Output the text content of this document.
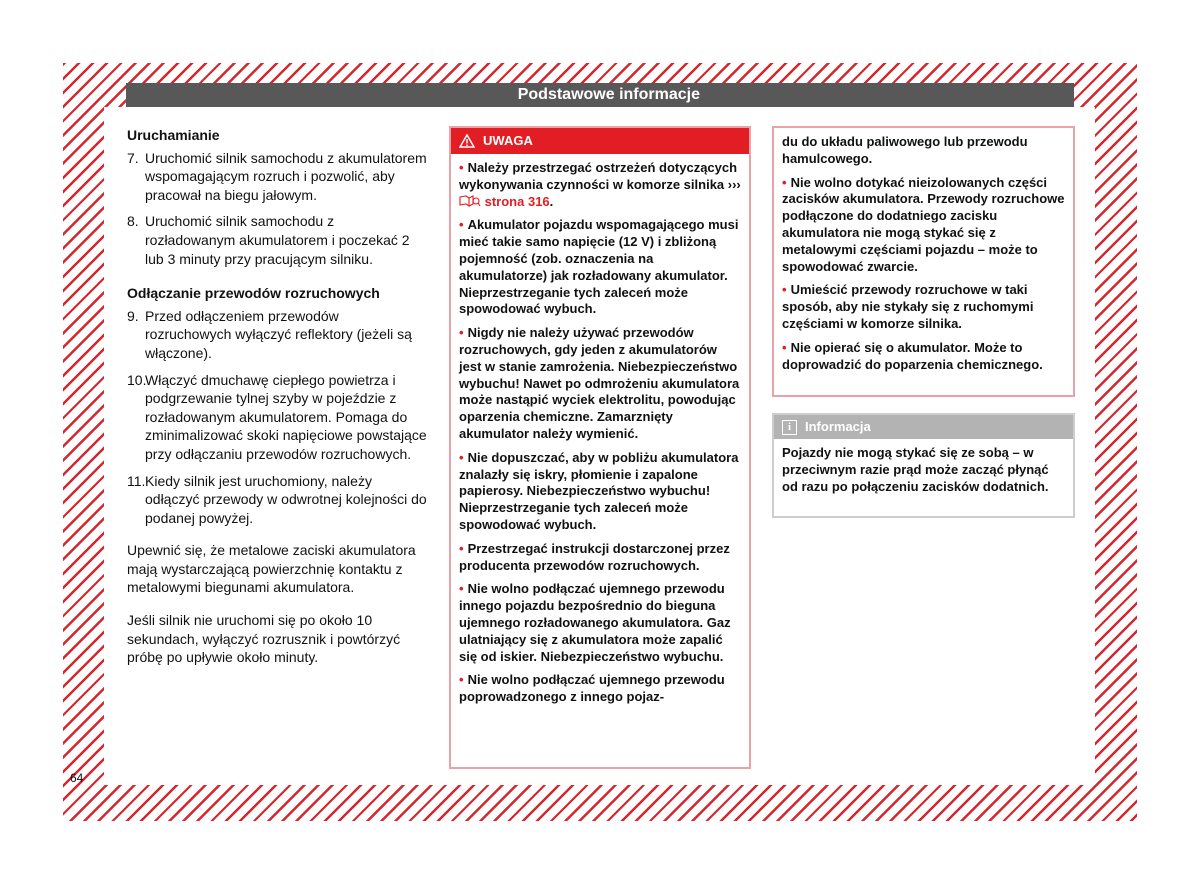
Podstawowe informacje
Uruchamianie
7. Uruchomić silnik samochodu z akumulatorem wspomagającym rozruch i pozwolić, aby pracował na biegu jałowym.
8. Uruchomić silnik samochodu z rozładowanym akumulatorem i poczekać 2 lub 3 minuty przy pracującym silniku.
Odłączanie przewodów rozruchowych
9. Przed odłączeniem przewodów rozruchowych wyłączyć reflektory (jeżeli są włączone).
10.
Włączyć dmuchawę ciepłego powietrza i podgrzewanie tylnej szyby w pojeździe z rozładowanym akumulatorem. Pomaga do zminimalizować skoki napięciowe powstające przy odłączaniu przewodów rozruchowych.
11. Kiedy silnik jest uruchomiony, należy odłączyć przewody w odwrotnej kolejności do podanej powyżej.

Upewnić się, że metalowe zaciski akumulatora mają wystarczającą powierzchnię kontaktu z metalowymi biegunami akumulatora.

Jeśli silnik nie uruchomi się po około 10 sekundach, wyłączyć rozrusznik i powtórzyć próbę po upływie około minuty.

UWAGA
• Należy przestrzegać ostrzeżeń dotyczących wykonywania czynności w komorze silnika ›››  strona 316.
• Akumulator pojazdu wspomagającego musi mieć takie samo napięcie (12 V) i zbliżoną pojemność (zob. oznaczenia na akumulatorze) jak rozładowany akumulator. Nieprzestrzeganie tych zaleceń może spowodować wybuch.
• Nigdy nie należy używać przewodów rozruchowych, gdy jeden z akumulatorów jest w stanie zamrożenia. Niebezpieczeństwo wybuchu! Nawet po odmrożeniu akumulatora może nastąpić wyciek elektrolitu, powodując oparzenia chemiczne. Zamarznięty akumulator należy wymienić.
• Nie dopuszczać, aby w pobliżu akumulatora znalazły się iskry, płomienie i zapalone papierosy. Niebezpieczeństwo wybuchu! Nieprzestrzeganie tych zaleceń może spowodować wybuch.
• Przestrzegać instrukcji dostarczonej przez producenta przewodów rozruchowych.
• Nie wolno podłączać ujemnego przewodu innego pojazdu bezpośrednio do bieguna ujemnego rozładowanego akumulatora. Gaz ulatniający się z akumulatora może zapalić się od iskier. Niebezpieczeństwo wybuchu.
• Nie wolno podłączać ujemnego przewodu poprowadzonego z innego pojaz-
du do układu paliwowego lub przewodu hamulcowego.
• Nie wolno dotykać nieizolowanych części zacisków akumulatora. Przewody rozruchowe podłączone do dodatniego zacisku akumulatora nie mogą stykać się z metalowymi częściami pojazdu – może to spowodować zwarcie.
• Umieścić przewody rozruchowe w taki sposób, aby nie stykały się z ruchomymi częściami w komorze silnika.
• Nie opierać się o akumulator. Może to doprowadzić do poparzenia chemicznego.
i	Informacja
Pojazdy nie mogą stykać się ze sobą – w przeciwnym razie prąd może zacząć płynąć od razu po połączeniu zacisków dodatnich.
64
